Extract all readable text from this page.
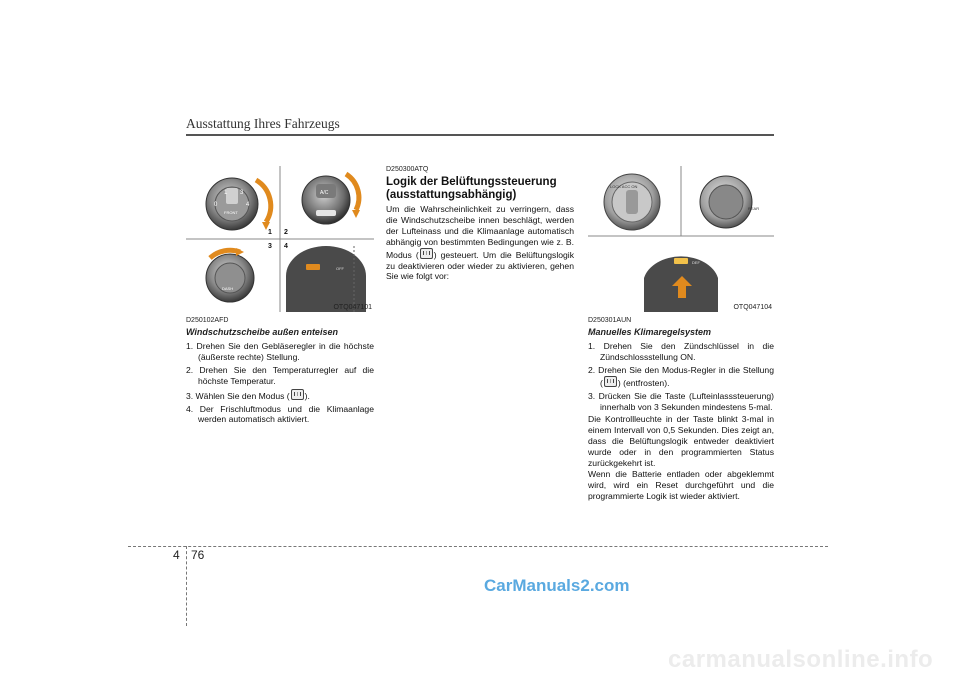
Ausstattung Ihres Fahrzeugs
0
1 3
4
FRONT
A/C
1 2
3 4
DASH
OFF
OTQ047101
D250102AFD
Windschutzscheibe außen enteisen
1. Drehen Sie den Gebläseregler in die höchste (äußerste rechte) Stellung.
2. Drehen Sie den Temperaturregler auf die höchste Temperatur.
3. Wählen Sie den Modus ( ).
4. Der Frischluftmodus und die Klimaanlage werden automatisch aktiviert.
D250300ATQ
Logik der Belüftungssteuerung (ausstattungsabhängig)
Um die Wahrscheinlichkeit zu verringern, dass die Windschutzscheibe innen beschlägt, werden der Lufteinass und die Klimaanlage automatisch abhängig von bestimmten Bedingungen wie z. B. Modus ( ) gesteuert. Um die Belüftungslogik zu deaktivieren oder wieder zu aktivieren, gehen Sie wie folgt vor:
LOCK ACC ON
REAR
DEF
OTQ047104
D250301AUN
Manuelles Klimaregelsystem
1. Drehen Sie den Zündschlüssel in die Zündschlossstellung ON.
2. Drehen Sie den Modus-Regler in die Stellung ( ) (entfrosten).
3. Drücken Sie die Taste (Lufteinlasssteuerung) innerhalb von 3 Sekunden mindestens 5-mal.
Die Kontrollleuchte in der Taste blinkt 3-mal in einem Intervall von 0,5 Sekunden. Dies zeigt an, dass die Belüftungslogik entweder deaktiviert wurde oder in den programmierten Status zurückgekehrt ist.
Wenn die Batterie entladen oder abgeklemmt wird, wird ein Reset durchgeführt und die programmierte Logik ist wieder aktiviert.
4 76
CarManuals2.com
carmanualsonline.info
